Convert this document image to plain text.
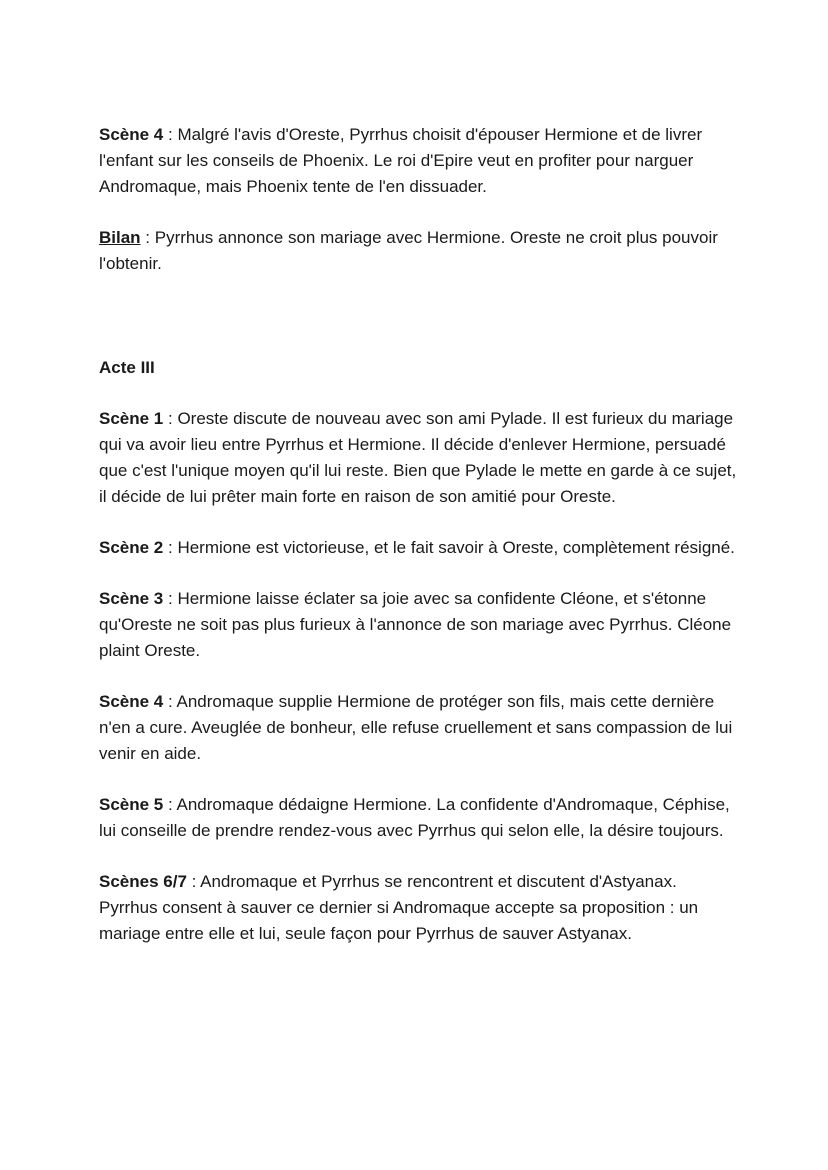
Scène 4 : Malgré l'avis d'Oreste, Pyrrhus choisit d'épouser Hermione et de livrer l'enfant sur les conseils de Phoenix. Le roi d'Epire veut en profiter pour narguer Andromaque, mais Phoenix tente de l'en dissuader.

Bilan : Pyrrhus annonce son mariage avec Hermione. Oreste ne croit plus pouvoir l'obtenir.

Acte III

Scène 1 : Oreste discute de nouveau avec son ami Pylade. Il est furieux du mariage qui va avoir lieu entre Pyrrhus et Hermione. Il décide d'enlever Hermione, persuadé que c'est l'unique moyen qu'il lui reste. Bien que Pylade le mette en garde à ce sujet, il décide de lui prêter main forte en raison de son amitié pour Oreste.

Scène 2 : Hermione est victorieuse, et le fait savoir à Oreste, complètement résigné.

Scène 3 : Hermione laisse éclater sa joie avec sa confidente Cléone, et s'étonne qu'Oreste ne soit pas plus furieux à l'annonce de son mariage avec Pyrrhus. Cléone plaint Oreste.

Scène 4 : Andromaque supplie Hermione de protéger son fils, mais cette dernière n'en a cure. Aveuglée de bonheur, elle refuse cruellement et sans compassion de lui venir en aide.

Scène 5 : Andromaque dédaigne Hermione. La confidente d'Andromaque, Céphise, lui conseille de prendre rendez-vous avec Pyrrhus qui selon elle, la désire toujours.

Scènes 6/7 : Andromaque et Pyrrhus se rencontrent et discutent d'Astyanax. Pyrrhus consent à sauver ce dernier si Andromaque accepte sa proposition : un mariage entre elle et lui, seule façon pour Pyrrhus de sauver Astyanax.
